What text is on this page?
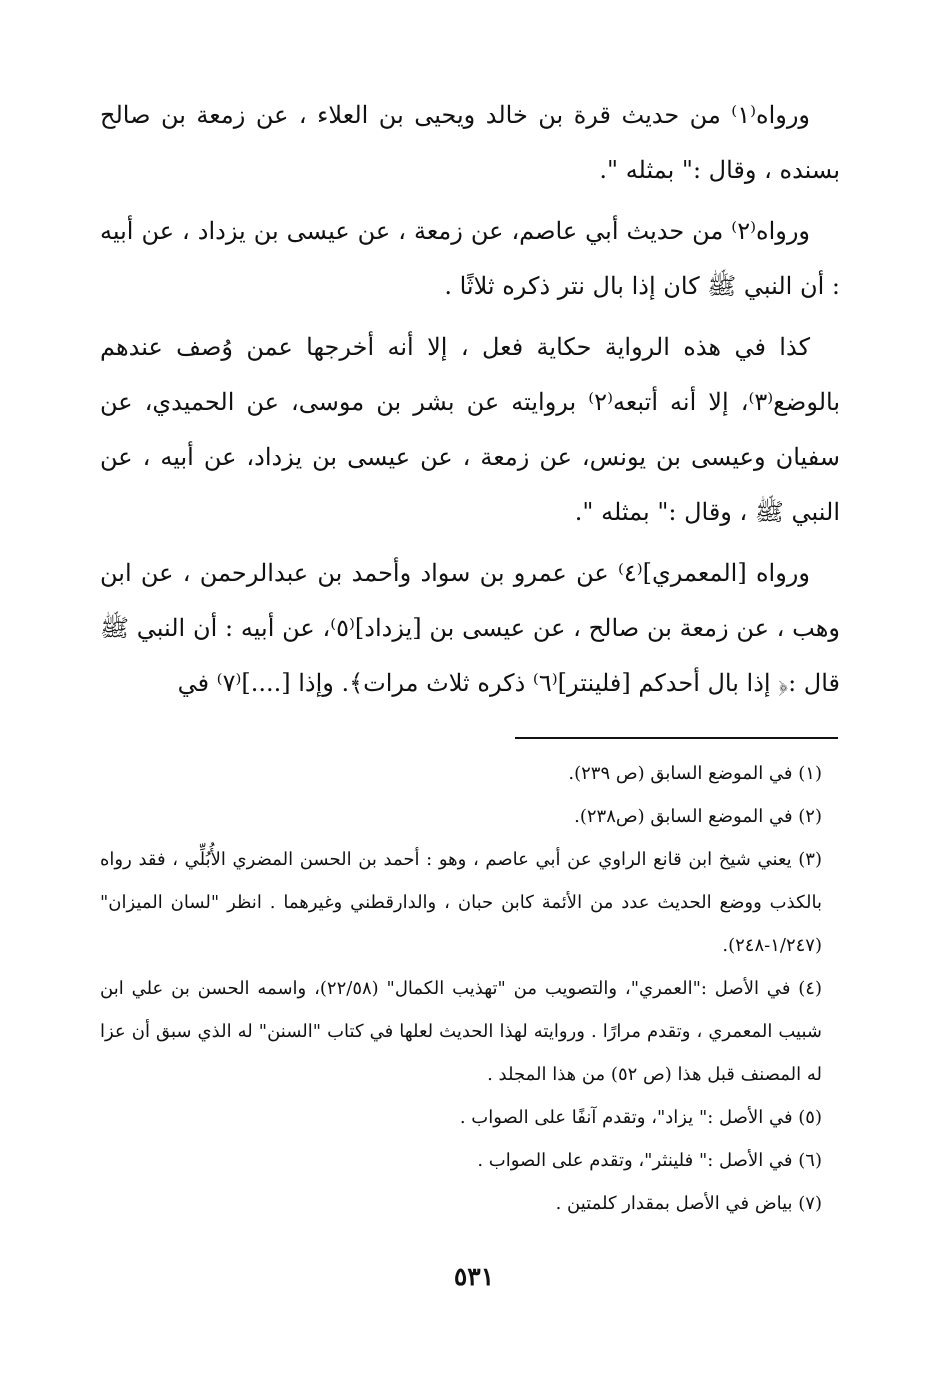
ورواه⁽١⁾ من حديث قرة بن خالد ويحيى بن العلاء ، عن زمعة بن صالح بسنده ، وقال :" بمثله ".

ورواه⁽٢⁾ من حديث أبي عاصم، عن زمعة ، عن عيسى بن يزداد ، عن أبيه : أن النبي ﷺ كان إذا بال نتر ذكره ثلاثًا .

كذا في هذه الرواية حكاية فعل ، إلا أنه أخرجها عمن وُصف عندهم بالوضع⁽٣⁾، إلا أنه أتبعه⁽٢⁾ بروايته عن بشر بن موسى، عن الحميدي، عن سفيان وعيسى بن يونس، عن زمعة ، عن عيسى بن يزداد، عن أبيه ، عن النبي ﷺ ، وقال :" بمثله ".

ورواه [المعمري]⁽٤⁾ عن عمرو بن سواد وأحمد بن عبدالرحمن ، عن ابن وهب ، عن زمعة بن صالح ، عن عيسى بن [يزداد]⁽٥⁾، عن أبيه : أن النبي ﷺ قال :﴿ إذا بال أحدكم [فلينتر]⁽٦⁾ ذكره ثلاث مرات﴾. وإذا [....]⁽٧⁾ في

(١) في الموضع السابق (ص ٢٣٩).

(٢) في الموضع السابق (ص٢٣٨).

(٣) يعني شيخ ابن قانع الراوي عن أبي عاصم ، وهو : أحمد بن الحسن المضري الأُبُلِّي ، فقد رواه بالكذب ووضع الحديث عدد من الأئمة كابن حبان ، والدارقطني وغيرهما . انظر "لسان الميزان" (١/٢٤٧-٢٤٨).

(٤) في الأصل :"العمري"، والتصويب من "تهذيب الكمال" (٢٢/٥٨)، واسمه الحسن بن علي ابن شبيب المعمري ، وتقدم مرارًا . وروايته لهذا الحديث لعلها في كتاب "السنن" له الذي سبق أن عزا له المصنف قبل هذا (ص ٥٢) من هذا المجلد .

(٥) في الأصل :" يزاد"، وتقدم آنفًا على الصواب .

(٦) في الأصل :" فلينثر"، وتقدم على الصواب .

(٧) بياض في الأصل بمقدار كلمتين .

٥٣١
